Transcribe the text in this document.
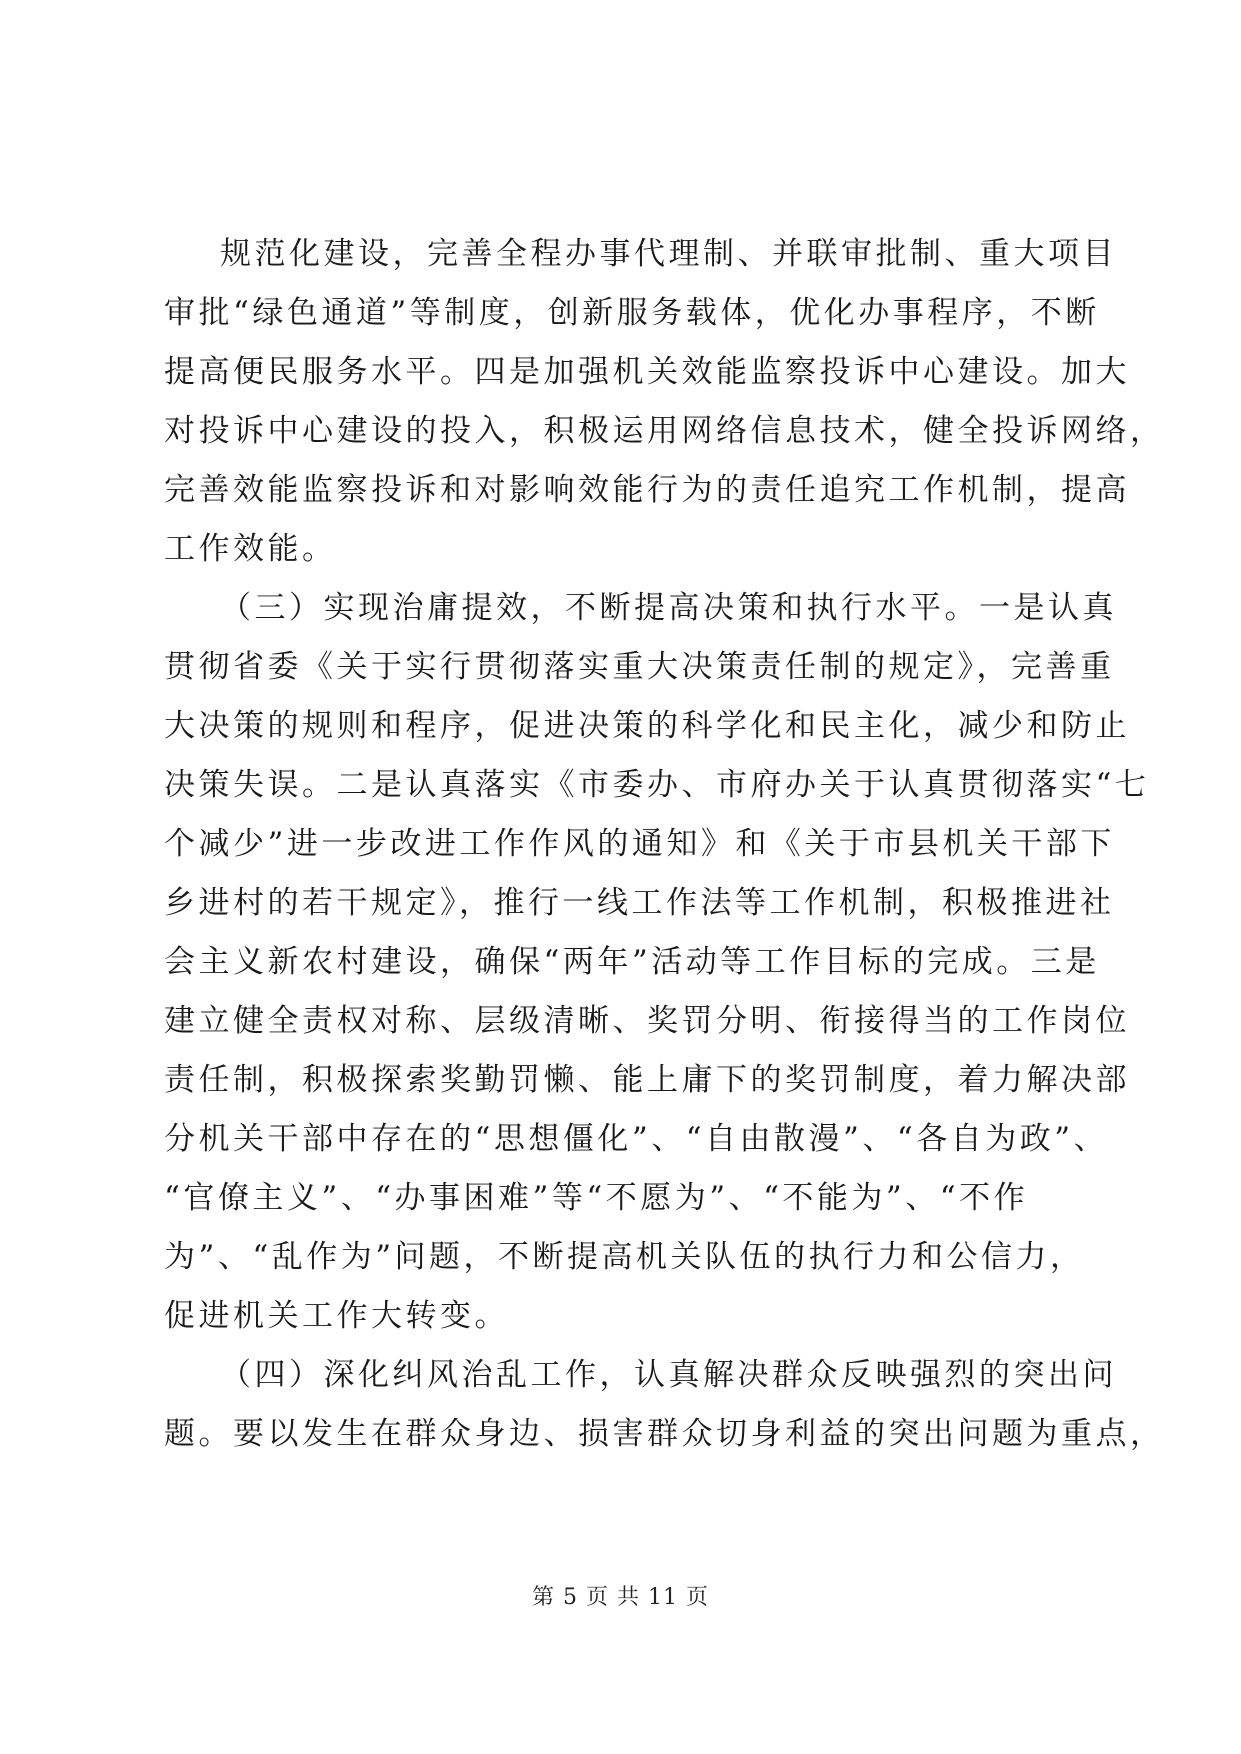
规范化建设，完善全程办事代理制、并联审批制、重大项目
审批“绿色通道”等制度，创新服务载体，优化办事程序，不断
提高便民服务水平。四是加强机关效能监察投诉中心建设。加大
对投诉中心建设的投入，积极运用网络信息技术，健全投诉网络，
完善效能监察投诉和对影响效能行为的责任追究工作机制，提高
工作效能。
（三）实现治庸提效，不断提高决策和执行水平。一是认真
贯彻省委《关于实行贯彻落实重大决策责任制的规定》，完善重
大决策的规则和程序，促进决策的科学化和民主化，减少和防止
决策失误。二是认真落实《市委办、市府办关于认真贯彻落实“七
个减少”进一步改进工作作风的通知》和《关于市县机关干部下
乡进村的若干规定》，推行一线工作法等工作机制，积极推进社
会主义新农村建设，确保“两年”活动等工作目标的完成。三是
建立健全责权对称、层级清晰、奖罚分明、衔接得当的工作岗位
责任制，积极探索奖勤罚懒、能上庸下的奖罚制度，着力解决部
分机关干部中存在的“思想僵化”、“自由散漫”、“各自为政”、
“官僚主义”、“办事困难”等“不愿为”、“不能为”、“不作
为”、“乱作为”问题，不断提高机关队伍的执行力和公信力，
促进机关工作大转变。
（四）深化纠风治乱工作，认真解决群众反映强烈的突出问
题。要以发生在群众身边、损害群众切身利益的突出问题为重点，
第 5 页 共 11 页
